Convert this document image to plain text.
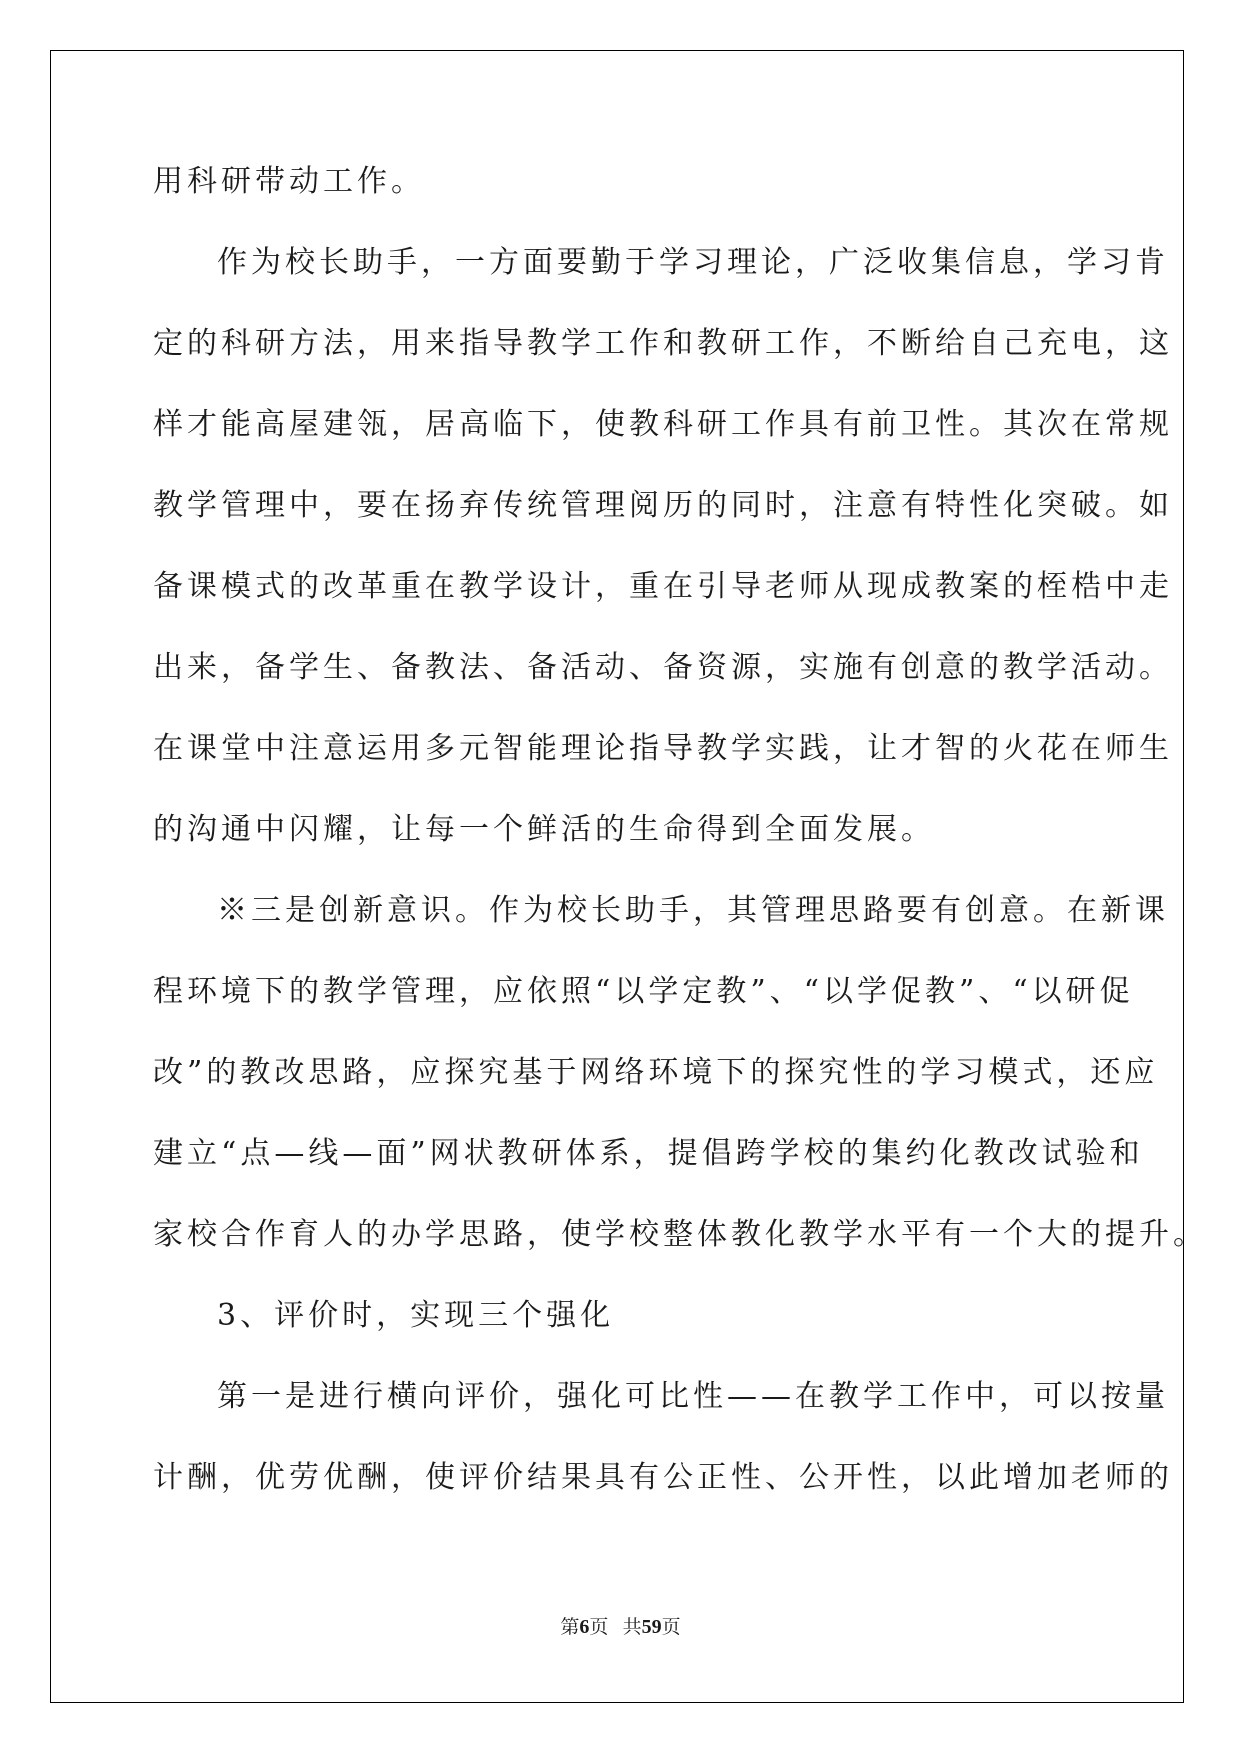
用科研带动工作。
作为校长助手，一方面要勤于学习理论，广泛收集信息，学习肯
定的科研方法，用来指导教学工作和教研工作，不断给自己充电，这
样才能高屋建瓴，居高临下，使教科研工作具有前卫性。其次在常规
教学管理中，要在扬弃传统管理阅历的同时，注意有特性化突破。如
备课模式的改革重在教学设计，重在引导老师从现成教案的桎梏中走
出来，备学生、备教法、备活动、备资源，实施有创意的教学活动。
在课堂中注意运用多元智能理论指导教学实践，让才智的火花在师生
的沟通中闪耀，让每一个鲜活的生命得到全面发展。
※三是创新意识。作为校长助手，其管理思路要有创意。在新课
程环境下的教学管理，应依照“以学定教”、“以学促教”、“以研促
改”的教改思路，应探究基于网络环境下的探究性的学习模式，还应
建立“点—线—面”网状教研体系，提倡跨学校的集约化教改试验和
家校合作育人的办学思路，使学校整体教化教学水平有一个大的提升。
3、评价时，实现三个强化
第一是进行横向评价，强化可比性——在教学工作中，可以按量
计酬，优劳优酬，使评价结果具有公正性、公开性，以此增加老师的
第6页 共59页
